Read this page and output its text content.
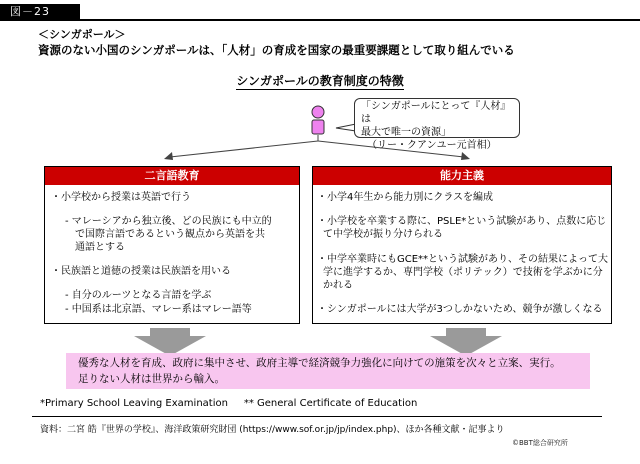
図－23
＜シンガポール＞
資源のない小国のシンガポールは、「人材」の育成を国家の最重要課題として取り組んでいる
シンガポールの教育制度の特徴
「シンガポールにとって『人材』は
最大で唯一の資源」
（リー・クアンユー元首相）
二言語教育
・小学校から授業は英語で行う
- マレーシアから独立後、どの民族にも中立的
で国際言語であるという観点から英語を共
通語とする
・民族語と道徳の授業は民族語を用いる
- 自分のルーツとなる言語を学ぶ
- 中国系は北京語、マレー系はマレー語等
能力主義
・小学4年生から能力別にクラスを編成
・小学校を卒業する際に、PSLE*という試験があり、点数に応じ
て中学校が振り分けられる
・中学卒業時にもGCE**という試験があり、その結果によって大
学に進学するか、専門学校（ポリテック）で技術を学ぶかに分
かれる
・シンガポールには大学が3つしかないため、競争が激しくなる
優秀な人材を育成、政府に集中させ、政府主導で経済競争力強化に向けての施策を次々と立案、実行。
足りない人材は世界から輸入。
*Primary School Leaving Examination     ** General Certificate of Education
資料：二宮 皓『世界の学校』、海洋政策研究財団 (https://www.sof.or.jp/jp/index.php)、ほか各種文献・記事より
©BBT総合研究所
